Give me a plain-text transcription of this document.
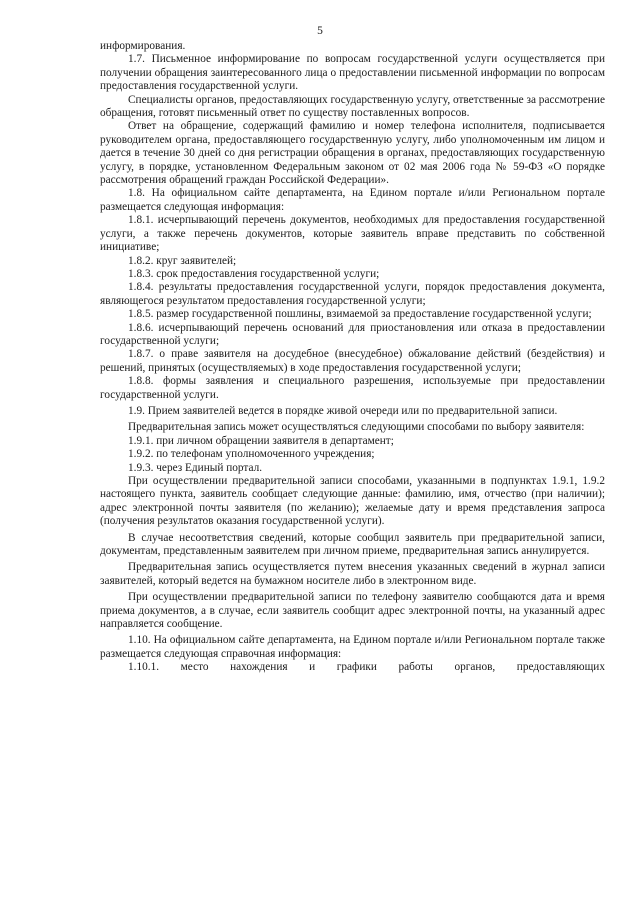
5

информирования.

1.7. Письменное информирование по вопросам государственной услуги осуществляется при получении обращения заинтересованного лица о предоставлении письменной информации по вопросам предоставления государственной услуги.

Специалисты органов, предоставляющих государственную услугу, ответственные за рассмотрение обращения, готовят письменный ответ по существу поставленных вопросов.

Ответ на обращение, содержащий фамилию и номер телефона исполнителя, подписывается руководителем органа, предоставляющего государственную услугу, либо уполномоченным им лицом и дается в течение 30 дней со дня регистрации обращения в органах, предоставляющих государственную услугу, в порядке, установленном Федеральным законом от 02 мая 2006 года № 59-ФЗ «О порядке рассмотрения обращений граждан Российской Федерации».

1.8. На официальном сайте департамента, на Едином портале и/или Региональном портале размещается следующая информация:

1.8.1. исчерпывающий перечень документов, необходимых для предоставления государственной услуги, а также перечень документов, которые заявитель вправе представить по собственной инициативе;

1.8.2. круг заявителей;

1.8.3. срок предоставления государственной услуги;

1.8.4. результаты предоставления государственной услуги, порядок предоставления документа, являющегося результатом предоставления государственной услуги;

1.8.5. размер государственной пошлины, взимаемой за предоставление государственной услуги;

1.8.6. исчерпывающий перечень оснований для приостановления или отказа в предоставлении государственной услуги;

1.8.7. о праве заявителя на досудебное (внесудебное) обжалование действий (бездействия) и решений, принятых (осуществляемых) в ходе предоставления государственной услуги;

1.8.8. формы заявления и специального разрешения, используемые при предоставлении государственной услуги.

1.9. Прием заявителей ведется в порядке живой очереди или по предварительной записи.

Предварительная запись может осуществляться следующими способами по выбору заявителя:

1.9.1. при личном обращении заявителя в департамент;

1.9.2. по телефонам уполномоченного учреждения;

1.9.3. через Единый портал.

При осуществлении предварительной записи способами, указанными в подпунктах 1.9.1, 1.9.2 настоящего пункта, заявитель сообщает следующие данные: фамилию, имя, отчество (при наличии); адрес электронной почты заявителя (по желанию); желаемые дату и время представления запроса (получения результатов оказания государственной услуги).

В случае несоответствия сведений, которые сообщил заявитель при предварительной записи, документам, представленным заявителем при личном приеме, предварительная запись аннулируется.

Предварительная запись осуществляется путем внесения указанных сведений в журнал записи заявителей, который ведется на бумажном носителе либо в электронном виде.

При осуществлении предварительной записи по телефону заявителю сообщаются дата и время приема документов, а в случае, если заявитель сообщит адрес электронной почты, на указанный адрес направляется сообщение.

1.10. На официальном сайте департамента, на Едином портале и/или Региональном портале также размещается следующая справочная информация:

1.10.1. место нахождения и графики работы органов, предоставляющих
